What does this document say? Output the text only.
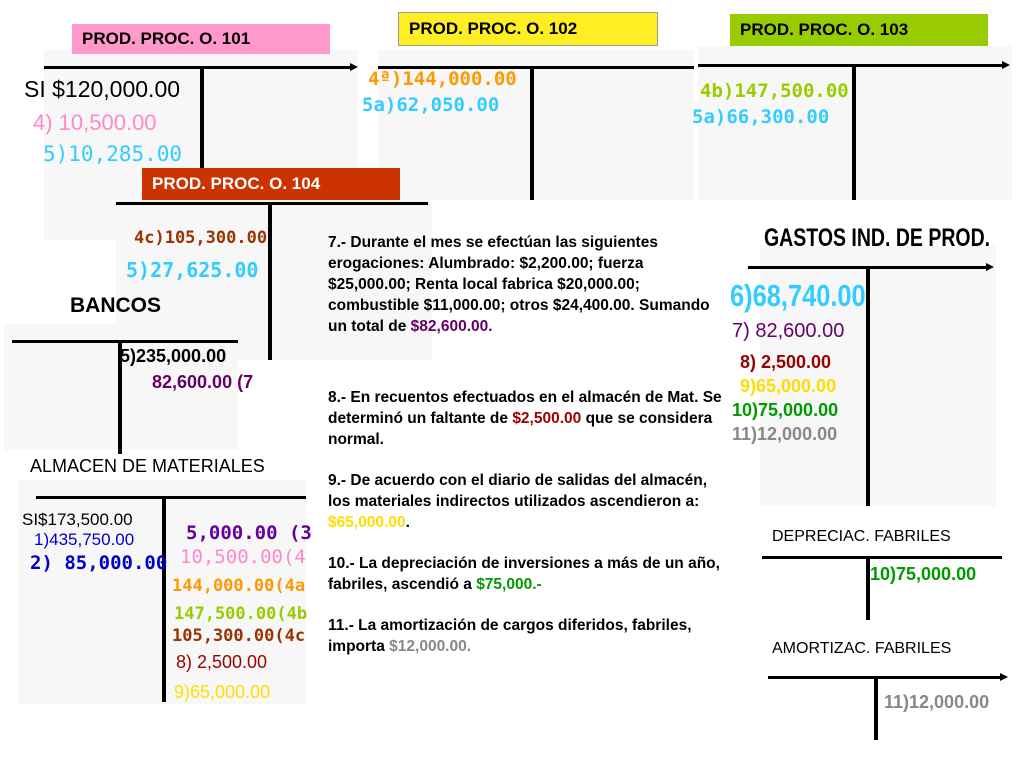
PROD. PROC. O. 101
SI $120,000.00
4) 10,500.00
5)10,285.00
PROD. PROC. O. 102
4ª)144,000.00
5a)62,050.00
PROD. PROC. O. 103
4b)147,500.00
5a)66,300.00
PROD. PROC. O. 104
4c)105,300.00
5)27,625.00
BANCOS
5)235,000.00
82,600.00 (7
ALMACEN DE MATERIALES
SI$173,500.00
1)435,750.00
2) 85,000.00
5,000.00 (3
10,500.00(4
144,000.00(4a
147,500.00(4b
105,300.00(4c
8) 2,500.00
9)65,000.00
7.- Durante el mes se efectúan las siguientes erogaciones: Alumbrado: $2,200.00; fuerza $25,000.00; Renta local fabrica $20,000.00; combustible $11,000.00; otros $24,400.00. Sumando un total de $82,600.00.
8.- En recuentos efectuados en el almacén de Mat. Se determinó un faltante de $2,500.00 que se considera normal.
9.- De acuerdo con el diario de salidas del almacén, los materiales indirectos utilizados ascendieron a: $65,000.00.
10.- La depreciación de inversiones a más de un año, fabriles, ascendió a $75,000.-
11.- La amortización de cargos diferidos, fabriles, importa $12,000.00.
GASTOS IND. DE PROD.
6)68,740.00
7) 82,600.00
8) 2,500.00
9)65,000.00
10)75,000.00
11)12,000.00
DEPRECIAC. FABRILES
10)75,000.00
AMORTIZAC. FABRILES
11)12,000.00
